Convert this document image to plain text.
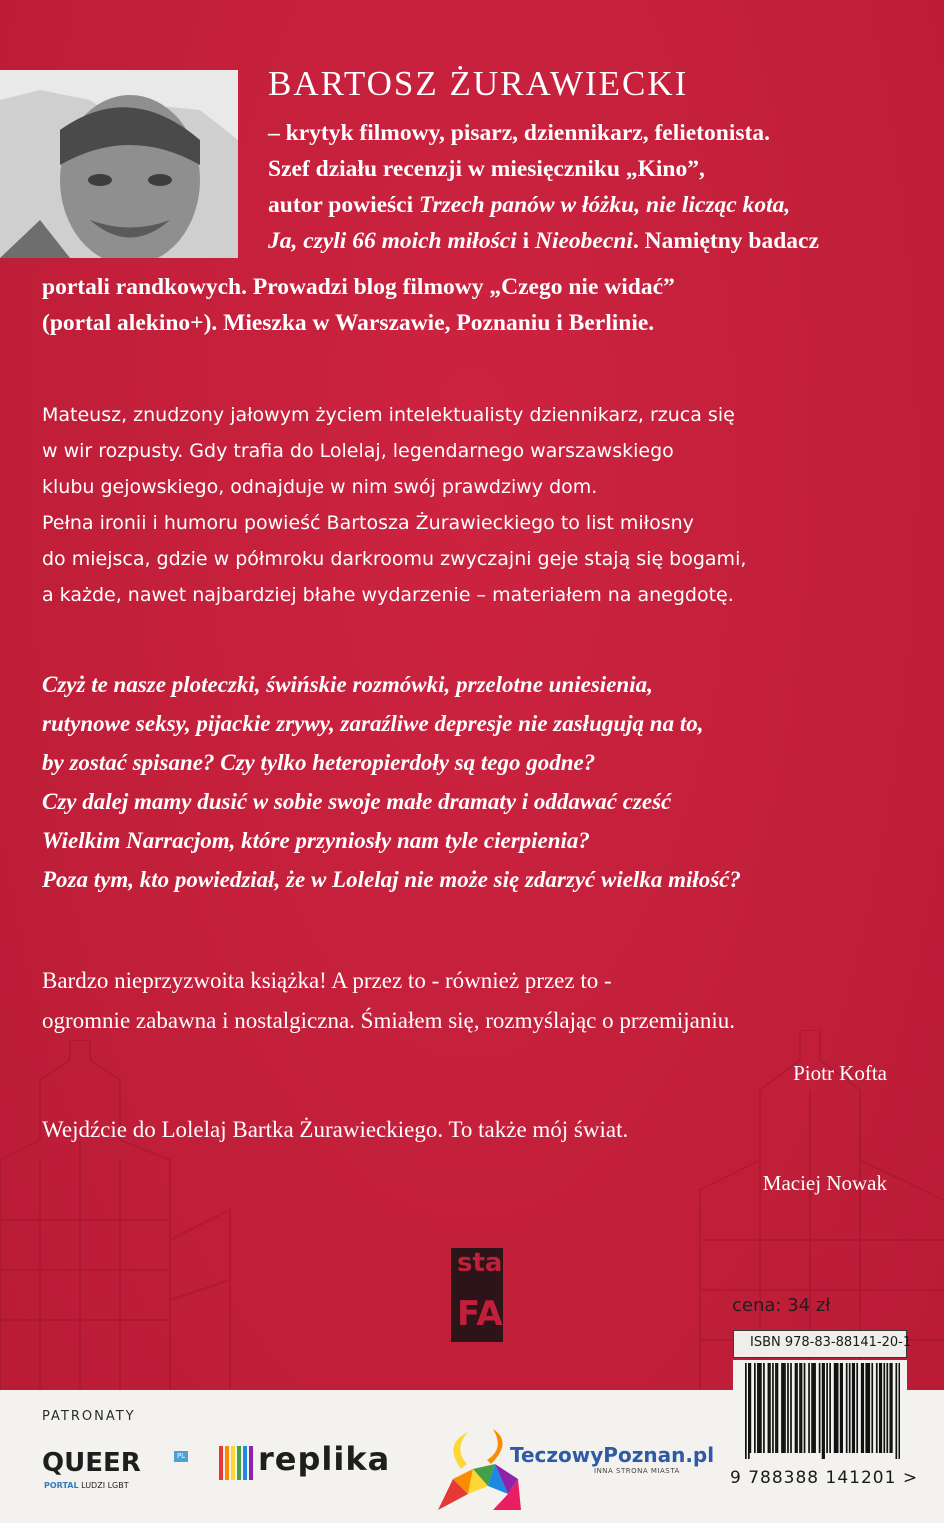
BARTOSZ ŻURAWIECKI
– krytyk filmowy, pisarz, dziennikarz, felietonista.
Szef działu recenzji w miesięczniku „Kino”,
autor powieści Trzech panów w łóżku, nie licząc kota,
Ja, czyli 66 moich miłości i Nieobecni. Namiętny badacz
portali randkowych. Prowadzi blog filmowy „Czego nie widać”
(portal alekino+). Mieszka w Warszawie, Poznaniu i Berlinie.
Mateusz, znudzony jałowym życiem intelektualisty dziennikarz, rzuca się
w wir rozpusty. Gdy trafia do Lolelaj, legendarnego warszawskiego
klubu gejowskiego, odnajduje w nim swój prawdziwy dom.
Pełna ironii i humoru powieść Bartosza Żurawieckiego to list miłosny
do miejsca, gdzie w półmroku darkroomu zwyczajni geje stają się bogami,
a każde, nawet najbardziej błahe wydarzenie – materiałem na anegdotę.
Czyż te nasze ploteczki, świńskie rozmówki, przelotne uniesienia,
rutynowe seksy, pijackie zrywy, zaraźliwe depresje nie zasługują na to,
by zostać spisane? Czy tylko heteropierdoły są tego godne?
Czy dalej mamy dusić w sobie swoje małe dramaty i oddawać cześć
Wielkim Narracjom, które przyniosły nam tyle cierpienia?
Poza tym, kto powiedział, że w Lolelaj nie może się zdarzyć wielka miłość?
Bardzo nieprzyzwoita książka! A przez to - również przez to -
ogromnie zabawna i nostalgiczna. Śmiałem się, rozmyślając o przemijaniu.
Piotr Kofta
Wejdźcie do Lolelaj Bartka Żurawieckiego. To także mój świat.
Maciej Nowak
sta
FA	cena: 34 zł
ISBN 978-83-88141-20-1
9 788388 141201 >
PATRONATY
QUEER	PL
PORTAL LUDZI LGBT
replika	TeczowyPoznan.pl
INNA STRONA MIASTA
